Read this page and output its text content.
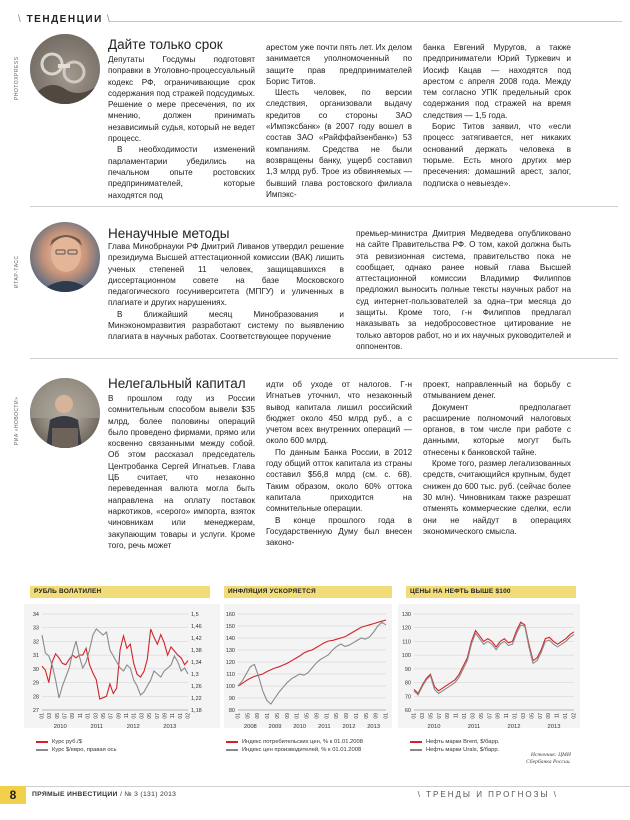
\ ТЕНДЕНЦИИ \
PHOTOXPRESS
Дайте только срок

Депутаты Госдумы подготовят поправки в Уголовно-процессуальный кодекс РФ, ограничивающие срок содержания под стражей подсудимых. Решение о мере пресечения, по их мнению, должен принимать независимый судья, который не ведет процесс.

В необходимости изменений парламентарии убедились на печальном опыте ростовских предпринимателей, которые находятся под

арестом уже почти пять лет. Их делом занимается уполномоченный по защите прав предпринимателей Борис Титов.

Шесть человек, по версии следствия, организовали выдачу кредитов со стороны ЗАО «Импэксбанк» (в 2007 году вошел в состав ЗАО «Райффайзенбанк») 53 компаниям. Средства не были возвращены банку, ущерб составил 1,3 млрд руб. Трое из обвиняемых — бывший глава ростовского филиала Импэкс-

банка Евгений Муругов, а также предприниматели Юрий Туркевич и Иосиф Кацав — находятся под арестом с апреля 2008 года. Между тем согласно УПК предельный срок содержания под стражей на время следствия — 1,5 года.

Борис Титов заявил, что «если процесс затягивается, нет никаких оснований держать человека в тюрьме. Есть много других мер пресечения: домашний арест, залог, подписка о невыезде».

ИТАР-ТАСС
Ненаучные методы

Глава Минобрнауки РФ Дмитрий Ливанов утвердил решение президиума Высшей аттестационной комиссии (ВАК) лишить ученых степеней 11 человек, защищавшихся в диссертационном совете на базе Московского педагогического госуниверситета (МПГУ) и уличенных в плагиате и других нарушениях.

В ближайший месяц Минобразования и Минэкономразвития разработают систему по выявлению плагиата в научных работах. Соответствующее поручение

премьер-министра Дмитрия Медведева опубликовано на сайте Правительства РФ. О том, какой должна быть эта ревизионная система, правительство пока не сообщает, однако ранее новый глава Высшей аттестационной комиссии Владимир Филиппов предложил выносить полные тексты научных работ на суд интернет-пользователей за одна–три месяца до защиты. Кроме того, г-н Филиппов предлагал наказывать за недобросовестное цитирование не только авторов работ, но и их научных руководителей и оппонентов.

РИА «НОВОСТИ»
Нелегальный капитал

В прошлом году из России сомнительным способом вывели $35 млрд, более половины операций было проведено фирмами, прямо или косвенно связанными между собой. Об этом рассказал председатель Центробанка Сергей Игнатьев. Глава ЦБ считает, что незаконно переведенная валюта могла быть направлена на оплату поставок наркотиков, «серого» импорта, взяток чиновникам или менеджерам, закупающим товары и услуги. Кроме того, речь может

идти об уходе от налогов. Г-н Игнатьев уточнил, что незаконный вывод капитала лишил российский бюджет около 450 млрд руб., а с учетом всех внутренних операций — около 600 млрд.

По данным Банка России, в 2012 году общий отток капитала из страны составил $56,8 млрд (см. с. 68). Таким образом, около 60% оттока капитала приходится на сомнительные операции.

В конце прошлого года в Государственную Думу был внесен законо-

проект, направленный на борьбу с отмыванием денег.

Документ предполагает расширение полномочий налоговых органов, в том числе при работе с данными, которые могут быть отнесены к банковской тайне.

Кроме того, размер легализованных средств, считающийся крупным, будет снижен до 600 тыс. руб. (сейчас более 30 млн). Чиновникам также разрешат отменять коммерческие сделки, если они не найдут в операциях экономического смысла.

РУБЛЬ ВОЛАТИЛЕН	ИНФЛЯЦИЯ УСКОРЯЕТСЯ	ЦЕНЫ НА НЕФТЬ ВЫШЕ $100
27
28
29
30
31
32
33
34
1,18
1,22
1,26
1,3
1,34
1,38
1,42
1,46
1,5
01 03 05 07 09 11 01 03 05 07 09 11 01 03 05 07 09 11 01 02
2010	2011	2012	2013
80
90
100
110
120
130
140
150
160
01 05 09 01 05 09 01 05 09 01 05 09 01 05 09 01
2008 2009 2010 2011 2012 2013
60
70
80
90
100
110
120
130
01 03 05 07 09 11 01 03 05 07 09 11 01 03 05 07 09 11 01 02
2010	2011	2012	2013
Курс руб./$
Курс $/евро, правая ось
Индекс потребительских цен, % к 01.01.2008
Индекс цен производителей, % к 01.01.2008
Нефть марки Brent, $/барр.
Нефть марки Urals, $/барр.
Источник: ЦМИ
Сбербанка России.
8	ПРЯМЫЕ ИНВЕСТИЦИИ / № 3 (131) 2013	\ ТРЕНДЫ И ПРОГНОЗЫ \
